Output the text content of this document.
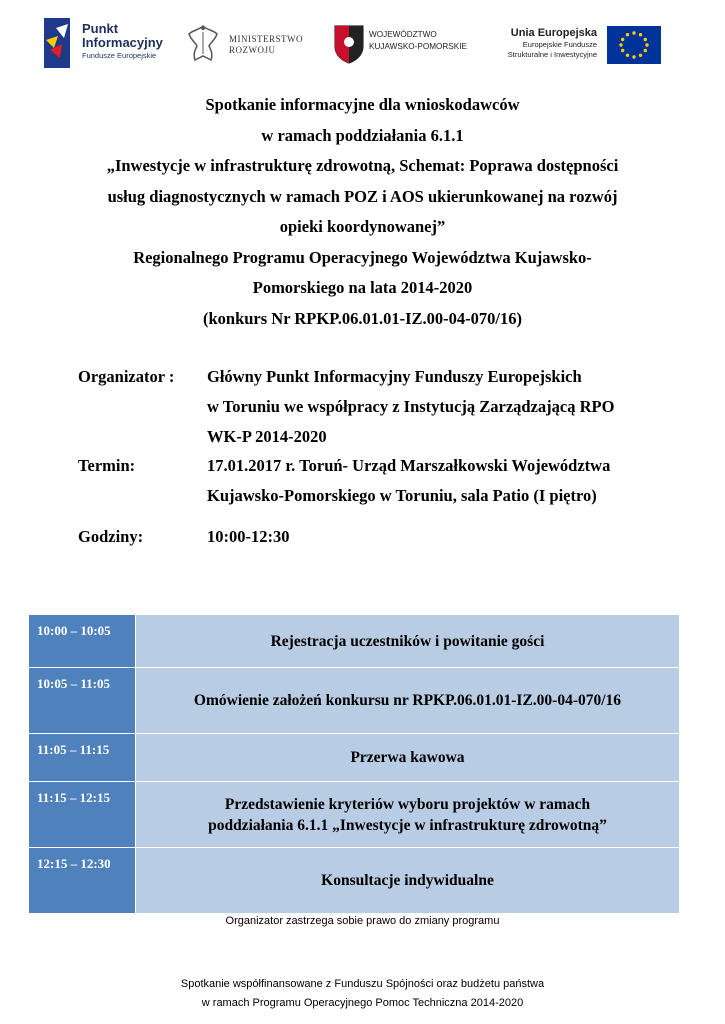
Punkt
Informacyjny
Fundusze Europejskie
MINISTERSTWO
ROZWOJU
WOJEWÓDZTWO
KUJAWSKO-POMORSKIE
Unia Europejska
Europejskie Fundusze
Strukturalne i Inwestycyjne
Spotkanie informacyjne dla wnioskodawców
w ramach poddziałania 6.1.1
„Inwestycje w infrastrukturę zdrowotną, Schemat: Poprawa dostępności
usług diagnostycznych w ramach POZ i AOS ukierunkowanej na rozwój
opieki koordynowanej”
Regionalnego Programu Operacyjnego Województwa Kujawsko-
Pomorskiego na lata 2014-2020
(konkurs Nr RPKP.06.01.01-IZ.00-04-070/16)
Organizator : Główny Punkt Informacyjny Funduszy Europejskich
w Toruniu we współpracy z Instytucją Zarządzającą RPO
WK-P 2014-2020
Termin:	17.01.2017 r. Toruń- Urząd Marszałkowski Województwa
Kujawsko-Pomorskiego w Toruniu, sala Patio (I piętro)
Godziny:	10:00-12:30
10:00 – 10:05	Rejestracja uczestników i powitanie gości
10:05 – 11:05	Omówienie założeń konkursu nr RPKP.06.01.01-IZ.00-04-070/16
11:05 – 11:15	Przerwa kawowa
11:15 – 12:15	Przedstawienie kryteriów wyboru projektów w ramach
poddziałania 6.1.1 „Inwestycje w infrastrukturę zdrowotną”

12:15 – 12:30	Konsultacje indywidualne
Organizator zastrzega sobie prawo do zmiany programu
Spotkanie współfinansowane z Funduszu Spójności oraz budżetu państwa
w ramach Programu Operacyjnego Pomoc Techniczna 2014-2020
